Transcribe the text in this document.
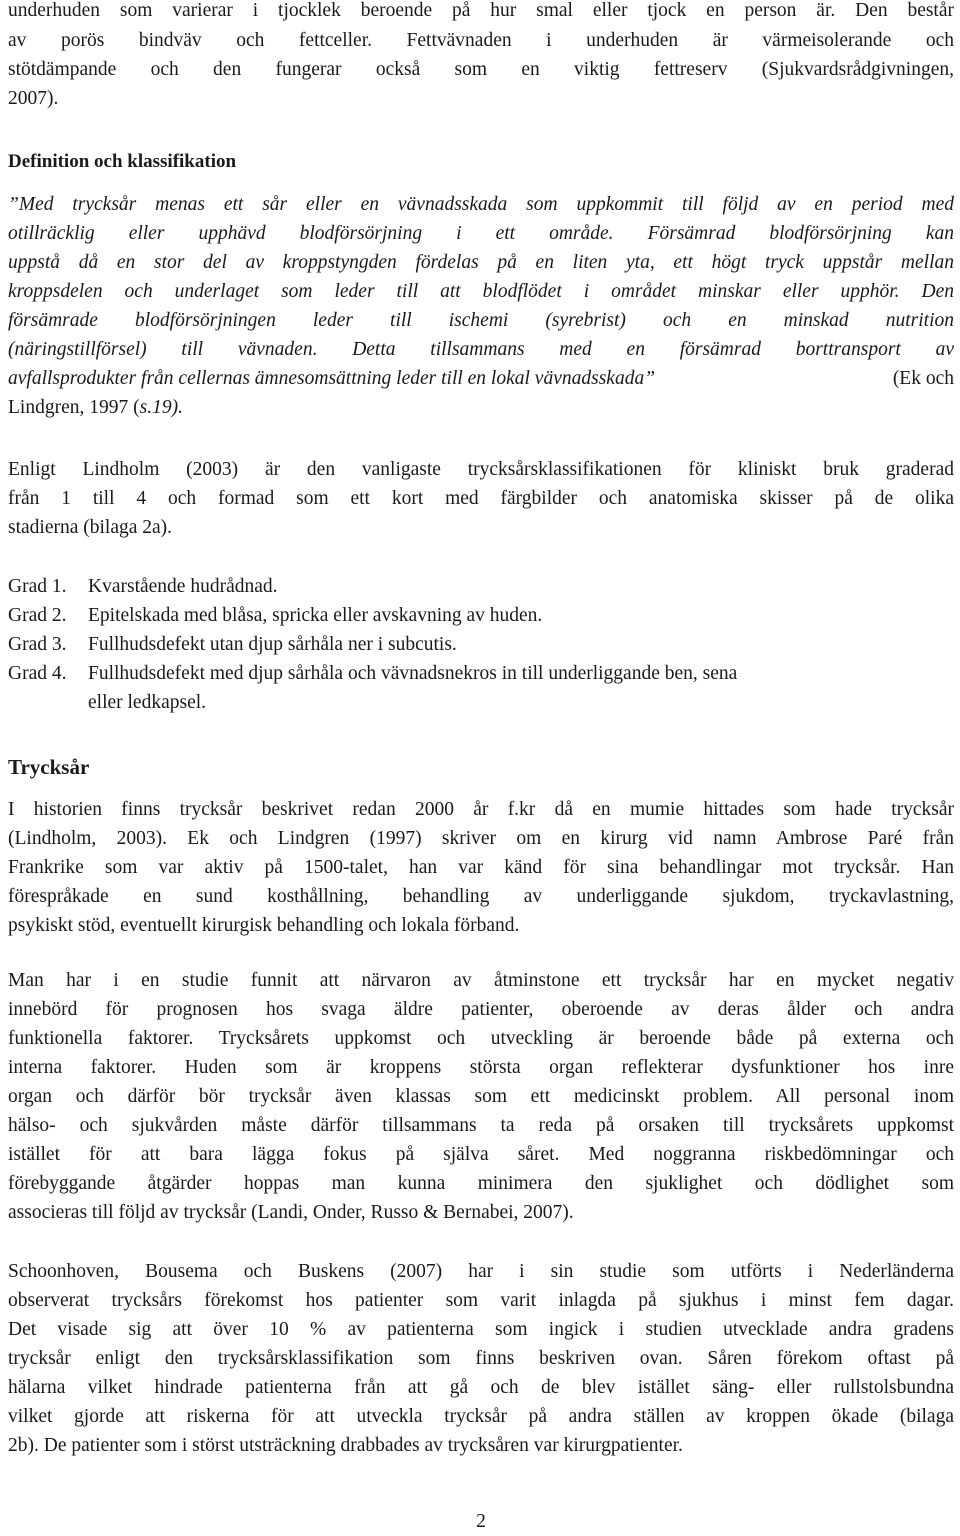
underhuden som varierar i tjocklek beroende på hur smal eller tjock en person är. Den består
av porös bindväv och fettceller. Fettvävnaden i underhuden är värmeisolerande och
stötdämpande och den fungerar också som en viktig fettreserv (Sjukvardsrådgivningen,
2007).
Definition och klassifikation
”Med trycksår menas ett sår eller en vävnadsskada som uppkommit till följd av en period med
otillräcklig eller upphävd blodförsörjning i ett område. Försämrad blodförsörjning kan
uppstå då en stor del av kroppstyngden fördelas på en liten yta, ett högt tryck uppstår mellan
kroppsdelen och underlaget som leder till att blodflödet i området minskar eller upphör. Den
försämrade blodförsörjningen leder till ischemi (syrebrist) och en minskad nutrition
(näringstillförsel) till vävnaden. Detta tillsammans med en försämrad borttransport av
avfallsprodukter från cellernas ämnesomsättning leder till en lokal vävnadsskada”	(Ek och
Lindgren, 1997 (s.19).
Enligt Lindholm (2003) är den vanligaste trycksårsklassifikationen för kliniskt bruk graderad
från 1 till 4 och formad som ett kort med färgbilder och anatomiska skisser på de olika
stadierna (bilaga 2a).
Grad 1.	Kvarstående hudrådnad.
Grad 2.	Epitelskada med blåsa, spricka eller avskavning av huden.
Grad 3.	Fullhudsdefekt utan djup sårhåla ner i subcutis.
Grad 4.	Fullhudsdefekt med djup sårhåla och vävnadsnekros in till underliggande ben, sena
eller ledkapsel.
Trycksår
I historien finns trycksår beskrivet redan 2000 år f.kr då en mumie hittades som hade trycksår
(Lindholm, 2003). Ek och Lindgren (1997) skriver om en kirurg vid namn Ambrose Paré från
Frankrike som var aktiv på 1500-talet, han var känd för sina behandlingar mot trycksår. Han
förespråkade en sund kosthållning, behandling av underliggande sjukdom, tryckavlastning,
psykiskt stöd, eventuellt kirurgisk behandling och lokala förband.
Man har i en studie funnit att närvaron av åtminstone ett trycksår har en mycket negativ
innebörd för prognosen hos svaga äldre patienter, oberoende av deras ålder och andra
funktionella faktorer. Trycksårets uppkomst och utveckling är beroende både på externa och
interna faktorer. Huden som är kroppens största organ reflekterar dysfunktioner hos inre
organ och därför bör trycksår även klassas som ett medicinskt problem. All personal inom
hälso- och sjukvården måste därför tillsammans ta reda på orsaken till trycksårets uppkomst
istället för att bara lägga fokus på själva såret. Med noggranna riskbedömningar och
förebyggande åtgärder hoppas man kunna minimera den sjuklighet och dödlighet som
associeras till följd av trycksår (Landi, Onder, Russo & Bernabei, 2007).
Schoonhoven, Bousema och Buskens (2007) har i sin studie som utförts i Nederländerna
observerat trycksårs förekomst hos patienter som varit inlagda på sjukhus i minst fem dagar.
Det visade sig att över 10 % av patienterna som ingick i studien utvecklade andra gradens
trycksår enligt den trycksårsklassifikation som finns beskriven ovan. Såren förekom oftast på
hälarna vilket hindrade patienterna från att gå och de blev istället säng- eller rullstolsbundna
vilket gjorde att riskerna för att utveckla trycksår på andra ställen av kroppen ökade (bilaga
2b). De patienter som i störst utsträckning drabbades av trycksåren var kirurgpatienter.
2
